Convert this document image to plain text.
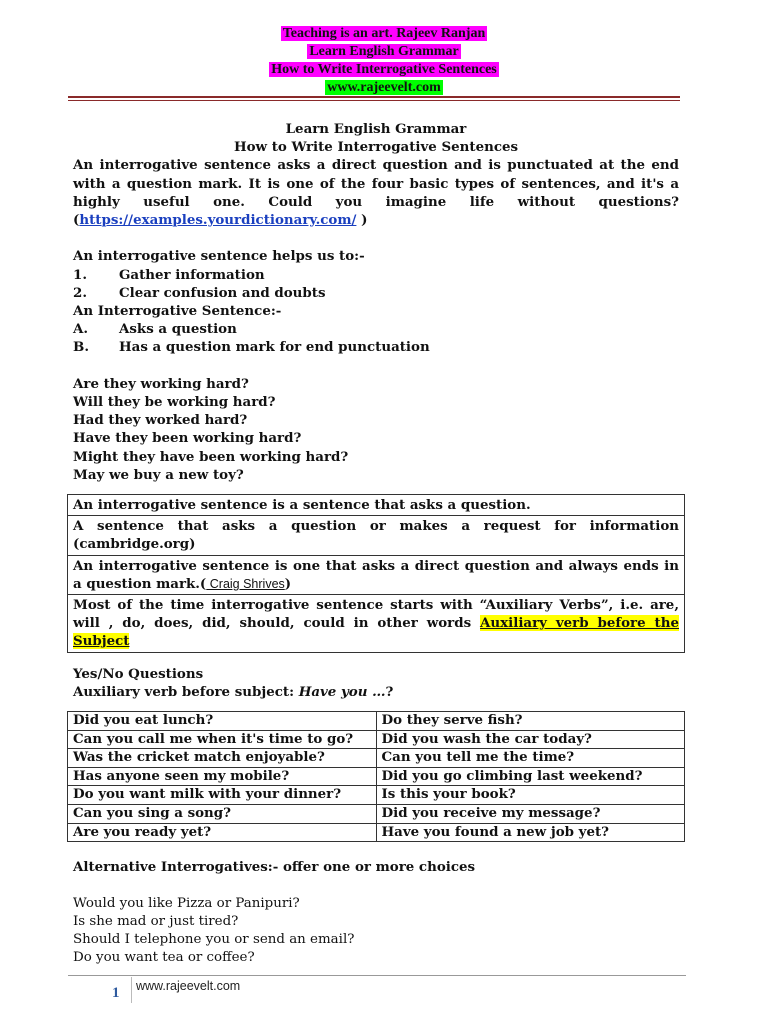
Teaching is an art. Rajeev Ranjan
Learn English Grammar
How to Write Interrogative Sentences
www.rajeevelt.com
Learn English Grammar
How to Write Interrogative Sentences
An interrogative sentence asks a direct question and is punctuated at the end with a question mark. It is one of the four basic types of sentences, and it's a highly useful one. Could you imagine life without questions? (https://examples.yourdictionary.com/ )
An interrogative sentence helps us to:-
1. Gather information
2. Clear confusion and doubts
An Interrogative Sentence:-
A. Asks a question
B. Has a question mark for end punctuation
Are they working hard?
Will they be working hard?
Had they worked hard?
Have they been working hard?
Might they have been working hard?
May we buy a new toy?
An interrogative sentence is a sentence that asks a question.
A sentence that asks a question or makes a request for information (cambridge.org)
An interrogative sentence is one that asks a direct question and always ends in a question mark.( Craig Shrives)
Most of the time interrogative sentence starts with “Auxiliary Verbs”, i.e. are, will , do, does, did, should, could in other words Auxiliary verb before the Subject
Yes/No Questions
Auxiliary verb before subject: Have you …?
Did you eat lunch?	Do they serve fish?
Can you call me when it's time to go?	Did you wash the car today?
Was the cricket match enjoyable?	Can you tell me the time?
Has anyone seen my mobile?	Did you go climbing last weekend?
Do you want milk with your dinner?	Is this your book?
Can you sing a song?	Did you receive my message?
Are you ready yet?	Have you found a new job yet?
Alternative Interrogatives:- offer one or more choices
Would you like Pizza or Panipuri?
Is she mad or just tired?
Should I telephone you or send an email?
Do you want tea or coffee?
1 www.rajeevelt.com
